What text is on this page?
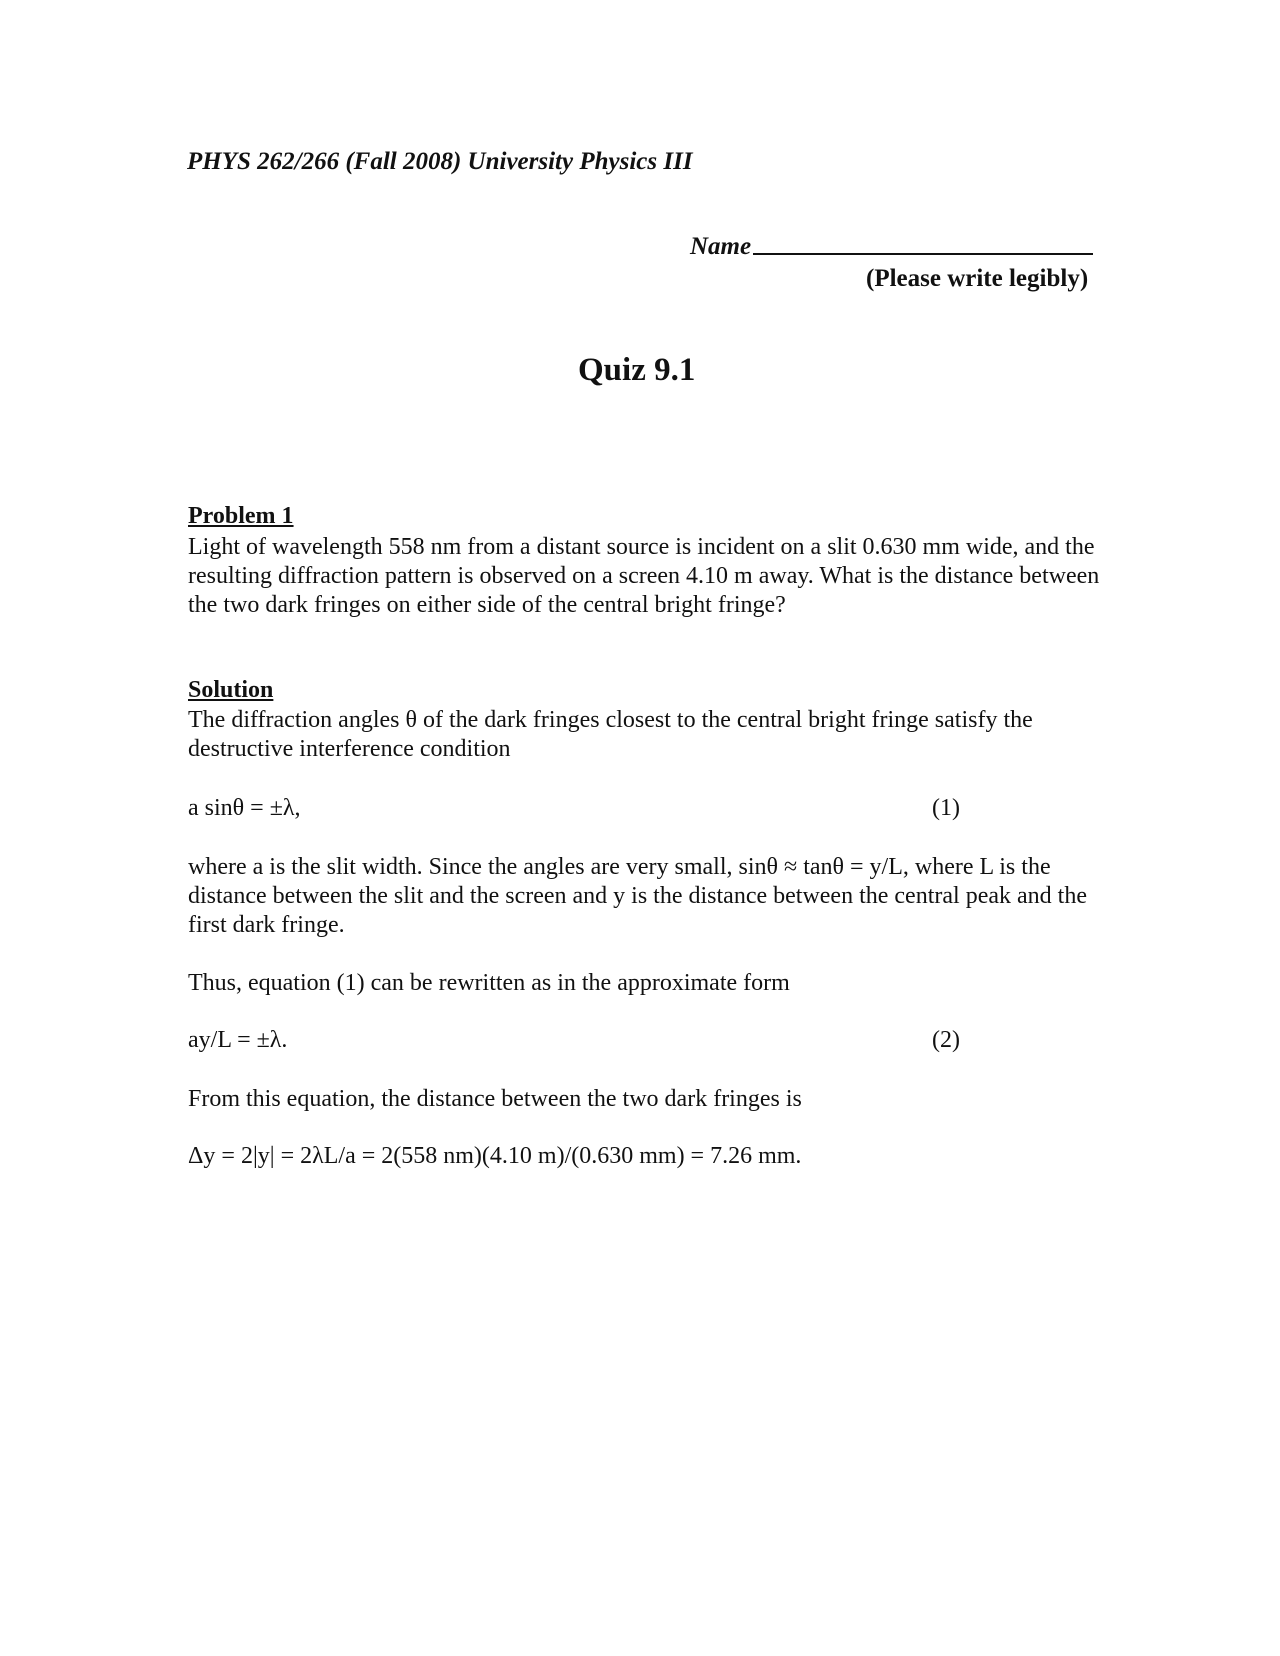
PHYS 262/266 (Fall 2008) University Physics III
Name
(Please write legibly)
Quiz 9.1
Problem 1
Light of wavelength 558 nm from a distant source is incident on a slit 0.630 mm wide, and the resulting diffraction pattern is observed on a screen 4.10 m away. What is the distance between the two dark fringes on either side of the central bright fringe?
Solution
The diffraction angles θ of the dark fringes closest to the central bright fringe satisfy the destructive interference condition
a sinθ = ±λ,	(1)
where a is the slit width. Since the angles are very small, sinθ ≈ tanθ = y/L, where L is the distance between the slit and the screen and y is the distance between the central peak and the first dark fringe.
Thus, equation (1) can be rewritten as in the approximate form
ay/L = ±λ.	(2)
From this equation, the distance between the two dark fringes is
Δy = 2|y| = 2λL/a = 2(558 nm)(4.10 m)/(0.630 mm) = 7.26 mm.
